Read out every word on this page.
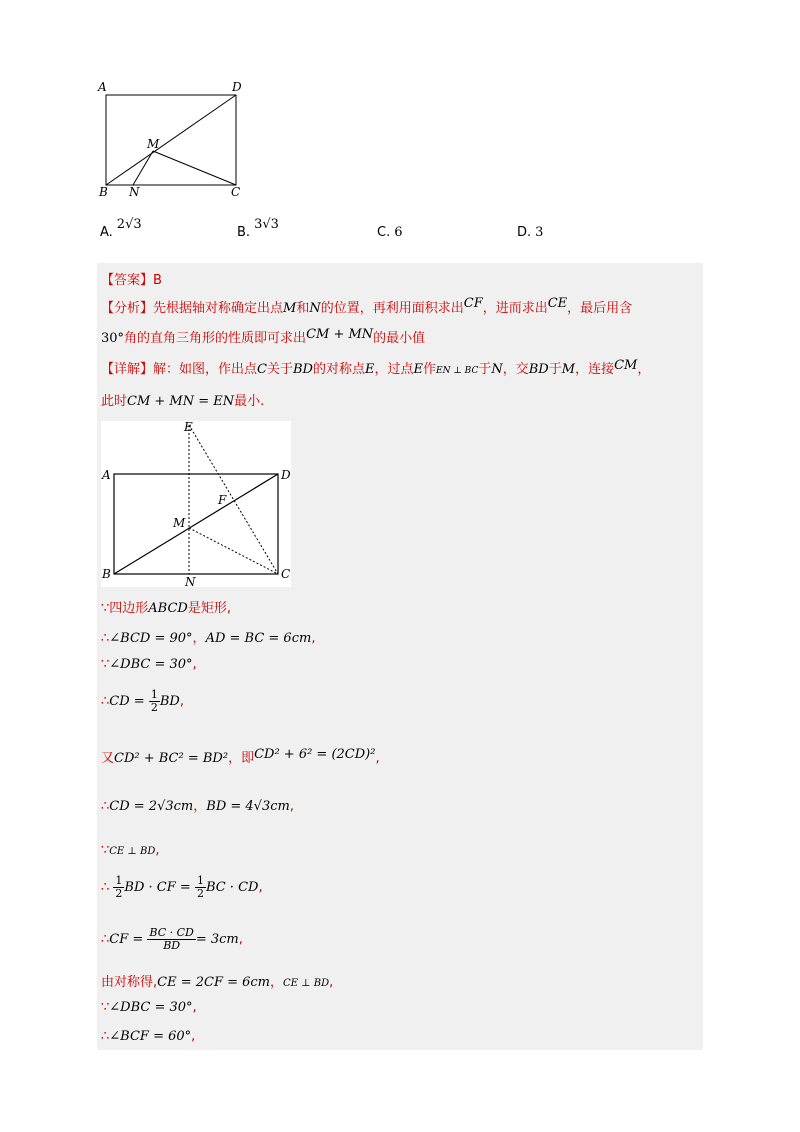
A	D
M
B N	C
A.2√3
B.3√3
C. 6	D. 3
【答案】B
【分析】先根据轴对称确定出点M和N的位置，再利用面积求出CF，进而求出CE，最后用含
30°角的直角三角形的性质即可求出CM + MN的最小值
【详解】解：如图，作出点C关于BD的对称点E，过点E作EN ⊥ BC于N，交BD于M，连接CM，
此时CM + MN = EN最小.
E
A	D
F
M
B
N
C
∵四边形ABCD是矩形,
∴∠BCD = 90°，AD = BC = 6cm,
∵∠DBC = 30°,
∴CD = $\frac{1}{2}$ BD,
又CD² + BC² = BD²，即CD² + 6² = (2CD)²,
∴CD = 2√3cm，BD = 4√3cm,
∵CE ⊥ BD,
∴ $\frac{1}{2}$ BD · CF = $\frac{1}{2}$ BC · CD,
∴CF = $\frac{BC \cdot CD}{BD} = 3cm$,
由对称得,CE = 2CF = 6cm，CE ⊥ BD,
∵∠DBC = 30°,
∴∠BCF = 60°,
